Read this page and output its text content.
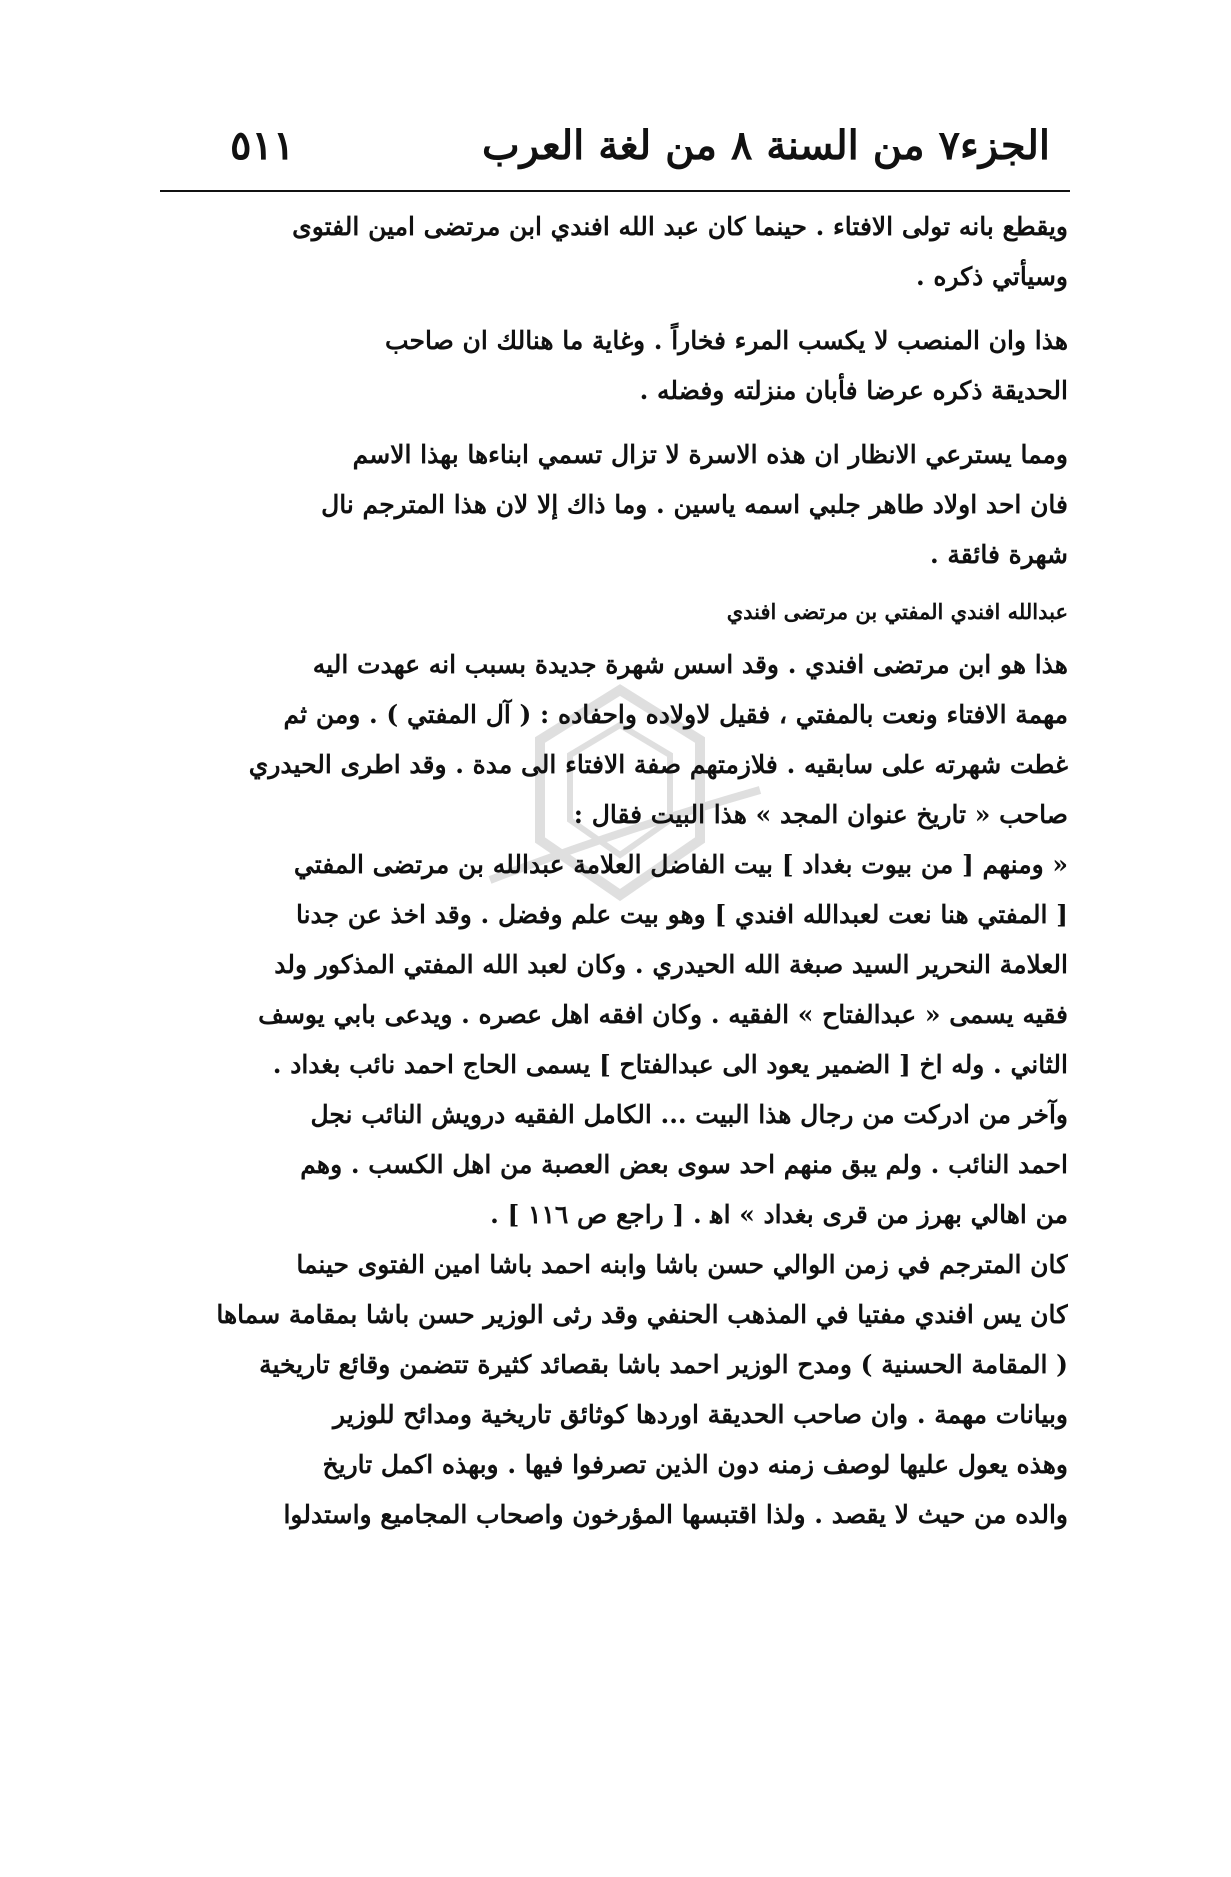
الجزء٧ من السنة ٨ من لغة العرب
٥١١
ويقطع بانه تولى الافتاء . حينما كان عبد الله افندي ابن مرتضى امين الفتوى
وسيأتي ذكره .
هذا وان المنصب لا يكسب المرء فخاراً . وغاية ما هنالك ان صاحب
الحديقة ذكره عرضا فأبان منزلته وفضله .
ومما يسترعي الانظار ان هذه الاسرة لا تزال تسمي ابناءها بهذا الاسم
فان احد اولاد طاهر جلبي اسمه ياسين . وما ذاك إلا لان هذا المترجم نال
شهرة فائقة .
عبدالله افندي المفتي بن مرتضى افندي
هذا هو ابن مرتضى افندي . وقد اسس شهرة جديدة بسبب انه عهدت اليه
مهمة الافتاء ونعت بالمفتي ، فقيل لاولاده واحفاده : ( آل المفتي ) . ومن ثم
غطت شهرته على سابقيه . فلازمتهم صفة الافتاء الى مدة . وقد اطرى الحيدري
صاحب « تاريخ عنوان المجد » هذا البيت فقال :
« ومنهم [ من بيوت بغداد ] بيت الفاضل العلامة عبدالله بن مرتضى المفتي
[ المفتي هنا نعت لعبدالله افندي ] وهو بيت علم وفضل . وقد اخذ عن جدنا
العلامة النحرير السيد صبغة الله الحيدري . وكان لعبد الله المفتي المذكور ولد
فقيه يسمى « عبدالفتاح » الفقيه . وكان افقه اهل عصره . ويدعى بابي يوسف
الثاني . وله اخ [ الضمير يعود الى عبدالفتاح ] يسمى الحاج احمد نائب بغداد .
وآخر من ادركت من رجال هذا البيت ... الكامل الفقيه درويش النائب نجل
احمد النائب . ولم يبق منهم احد سوى بعض العصبة من اهل الكسب . وهم
من اهالي بهرز من قرى بغداد » اﻫ . [ راجع ص ١١٦ ] .
كان المترجم في زمن الوالي حسن باشا وابنه احمد باشا امين الفتوى حينما
كان يس افندي مفتيا في المذهب الحنفي وقد رثى الوزير حسن باشا بمقامة سماها
( المقامة الحسنية ) ومدح الوزير احمد باشا بقصائد كثيرة تتضمن وقائع تاريخية
وبيانات مهمة . وان صاحب الحديقة اوردها كوثائق تاريخية ومدائح للوزير
وهذه يعول عليها لوصف زمنه دون الذين تصرفوا فيها . وبهذه اكمل تاريخ
والده من حيث لا يقصد . ولذا اقتبسها المؤرخون واصحاب المجاميع واستدلوا
